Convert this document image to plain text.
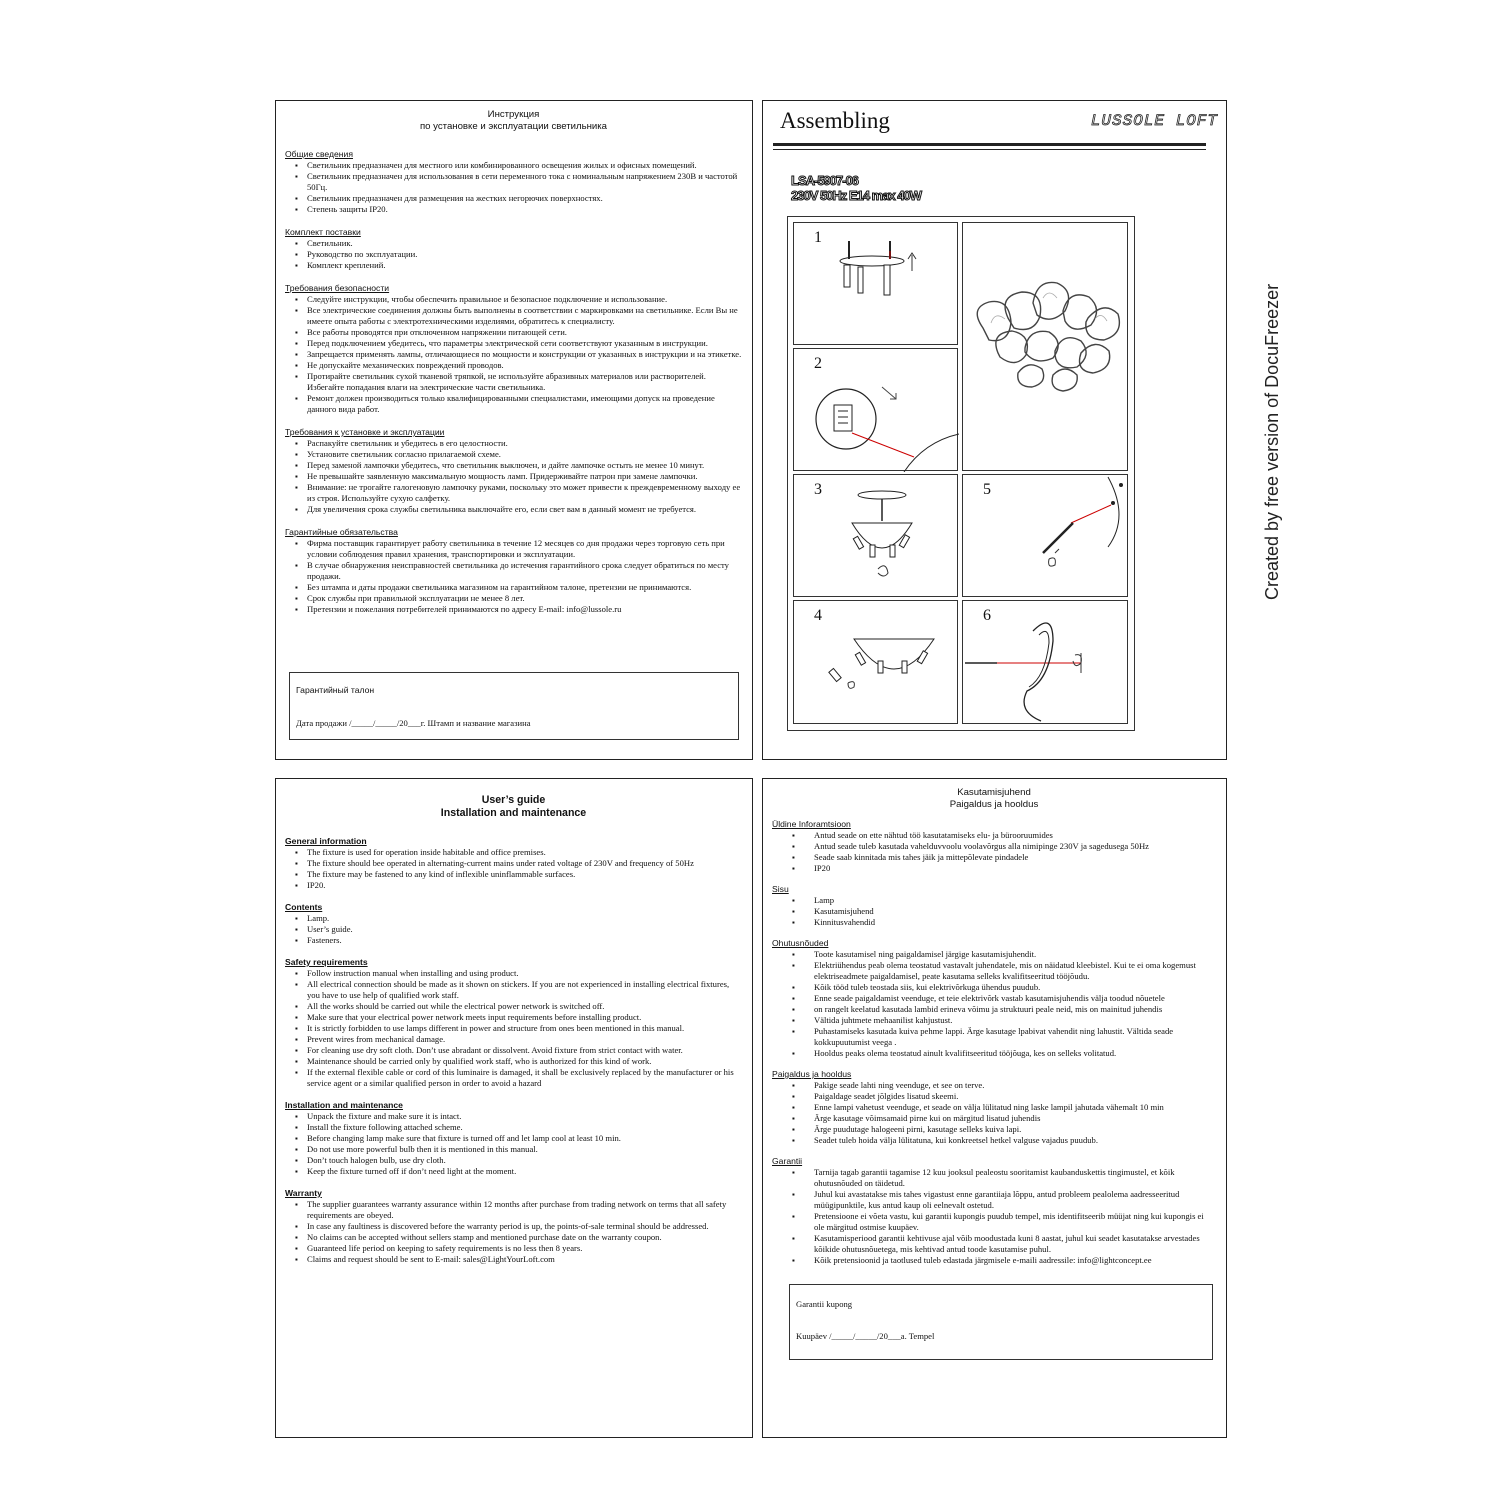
Инструкция
по установке и эксплуатации светильника
Общие сведения
▪ Светильник предназначен для местного или комбинированного освещения жилых и офисных помещений.
▪ Светильник предназначен для использования в сети переменного тока с номинальным напряжением 230В и частотой 50Гц.
▪ Светильник предназначен для размещения на жестких негорючих поверхностях.
▪ Степень защиты IP20.
Комплект поставки
▪ Светильник.
▪ Руководство по эксплуатации.
▪ Комплект креплений.
Требования безопасности
▪ Следуйте инструкции, чтобы обеспечить правильное и безопасное подключение и использование.
▪ Все электрические соединения должны быть выполнены в соответствии с маркировками на светильнике. Если Вы не имеете опыта работы с электротехническими изделиями, обратитесь к специалисту.
▪ Все работы проводятся при отключенном напряжении питающей сети.
▪ Перед подключением убедитесь, что параметры электрической сети соответствуют указанным в инструкции.
▪ Запрещается применять лампы, отличающиеся по мощности и конструкции от указанных в инструкции и на этикетке.
▪ Не допускайте механических повреждений проводов.
▪ Протирайте светильник сухой тканевой тряпкой, не используйте абразивных материалов или растворителей. Избегайте попадания влаги на электрические части светильника.
▪ Ремонт должен производиться только квалифицированными специалистами, имеющими допуск на проведение данного вида работ.
Требования к установке и эксплуатации
▪ Распакуйте светильник и убедитесь в его целостности.
▪ Установите светильник согласно прилагаемой схеме.
▪ Перед заменой лампочки убедитесь, что светильник выключен, и дайте лампочке остыть не менее 10 минут.
▪ Не превышайте заявленную максимальную мощность ламп. Придерживайте патрон при замене лампочки.
▪ Внимание: не трогайте галогеновую лампочку руками, поскольку это может привести к преждевременному выходу ее из строя. Используйте сухую салфетку.
▪ Для увеличения срока службы светильника выключайте его, если свет вам в данный момент не требуется.
Гарантийные обязательства
▪ Фирма поставщик гарантирует работу светильника в течение 12 месяцев со дня продажи через торговую сеть при условии соблюдения правил хранения, транспортировки и эксплуатации.
▪ В случае обнаружения неисправностей светильника до истечения гарантийного срока следует обратиться по месту продажи.
▪ Без штампа и даты продажи светильника магазином на гарантийном талоне, претензии не принимаются.
▪ Срок службы при правильной эксплуатации не менее 8 лет.
▪ Претензии и пожелания потребителей принимаются по адресу E-mail: info@lussole.ru
Гарантийный талон
Дата продажи /_____/_____/20___г. Штамп и название магазина
Assembling	LUSSOLE LOFT
LSA-5907-06
230V 50Hz E14 max 40W
1
2
3	5
4	6
User’s guide
Installation and maintenance
General information
▪ The fixture is used for operation inside habitable and office premises.
▪ The fixture should bee operated in alternating-current mains under rated voltage of 230V and frequency of 50Hz
▪ The fixture may be fastened to any kind of inflexible uninflammable surfaces.
▪ IP20.
Contents
▪ Lamp.
▪ User’s guide.
▪ Fasteners.
Safety requirements
▪ Follow instruction manual when installing and using product.
▪ All electrical connection should be made as it shown on stickers. If you are not experienced in installing electrical fixtures, you have to use help of qualified work staff.
▪ All the works should be carried out while the electrical power network is switched off.
▪ Make sure that your electrical power network meets input requirements before installing product.
▪ It is strictly forbidden to use lamps different in power and structure from ones been mentioned in this manual.
▪ Prevent wires from mechanical damage.
▪ For cleaning use dry soft cloth. Don’t use abradant or dissolvent. Avoid fixture from strict contact with water.
▪ Maintenance should be carried only by qualified work staff, who is authorized for this kind of work.
▪ If the external flexible cable or cord of this luminaire is damaged, it shall be exclusively replaced by the manufacturer or his service agent or a similar qualified person in order to avoid a hazard
Installation and maintenance
▪ Unpack the fixture and make sure it is intact.
▪ Install the fixture following attached scheme.
▪ Before changing lamp make sure that fixture is turned off and let lamp cool at least 10 min.
▪ Do not use more powerful bulb then it is mentioned in this manual.
▪ Don’t touch halogen bulb, use dry cloth.
▪ Keep the fixture turned off if don’t need light at the moment.
Warranty
▪ The supplier guarantees warranty assurance within 12 months after purchase from trading network on terms that all safety requirements are obeyed.
▪ In case any faultiness is discovered before the warranty period is up, the points-of-sale terminal should be addressed.
▪ No claims can be accepted without sellers stamp and mentioned purchase date on the warranty coupon.
▪ Guaranteed life period on keeping to safety requirements is no less then 8 years.
▪ Claims and request should be sent to E-mail: sales@LightYourLoft.com
Kasutamisjuhend
Paigaldus ja hooldus
Üldine Inforamtsioon
▪ Antud seade on ette nähtud töö kasutatamiseks elu- ja bürooruumides
▪ Antud seade tuleb kasutada vahelduvvoolu voolavõrgus alla nimipinge 230V ja sagedusega 50Hz
▪ Seade saab kinnitada mis tahes jäik ja mittepõlevate pindadele
▪ IP20
Sisu
▪ Lamp
▪ Kasutamisjuhend
▪ Kinnitusvahendid
Ohutusnõuded
▪ Toote kasutamisel ning paigaldamisel järgige kasutamisjuhendit.
▪ Elektriühendus peab olema teostatud vastavalt juhendatele, mis on näidatud kleebistel. Kui te ei oma kogemust elektriseadmete paigaldamisel, peate kasutama selleks kvalifitseeritud tööjõudu.
▪ Kõik tööd tuleb teostada siis, kui elektrivõrkuga ühendus puudub.
▪ Enne seade paigaldamist veenduge, et teie elektrivõrk vastab kasutamisjuhendis välja toodud nõuetele
▪ on rangelt keelatud kasutada lambid erineva võimu ja struktuuri peale neid, mis on mainitud juhendis
▪ Vältida juhtmete mehaanilist kahjustust.
▪ Puhastamiseks kasutada kuiva pehme lappi. Ärge kasutage lраbivat vahendit ning lahustit. Vältida seade kokkupuutumist veega .
▪ Hooldus peaks olema teostatud ainult kvalifitseeritud tööjõuga, kes on selleks volitatud.
Paigaldus ja hooldus
▪ Pakige seade lahti ning veenduge, et see on terve.
▪ Paigaldage seadet jõlgides lisatud skeemi.
▪ Enne lampi vahetust veenduge, et seade on välja lülitatud ning laske lampil jahutada vähemalt 10 min
▪ Ärge kasutage võimsamaid pirne kui on märgitud lisatud juhendis
▪ Ärge puudutage halogeeni pirni, kasutage selleks kuiva lapi.
▪ Seadet tuleb hoida välja lülitatuna, kui konkreetsel hetkel valguse vajadus puudub.
Garantii
▪ Tarnija tagab garantii tagamise 12 kuu jooksul pealeostu sooritamist kaubanduskettis tingimustel, et kõik ohutusnõuded on täidetud.
▪ Juhul kui avastatakse mis tahes vigastust enne garantiiaja lõppu, antud probleem pealolema aadresseeritud müügipunktile, kus antud kaup oli eelnevalt ostetud.
▪ Pretensioone ei võeta vastu, kui garantii kupongis puudub tempel, mis identifitseerib müüjat ning kui kupongis ei ole märgitud ostmise kuupäev.
▪ Kasutamisperiood garantii kehtivuse ajal võib moodustada kuni 8 aastat, juhul kui seadet kasutatakse arvestades kõikide ohutusnõuetega, mis kehtivad antud toode kasutamise puhul.
▪ Kõik pretensioonid ja taotlused tuleb edastada järgmisele e-maili aadressile: info@lightconcept.ee
Garantii kupong
Kuupäev /_____/_____/20___a. Tempel
Created by free version of DocuFreezer
